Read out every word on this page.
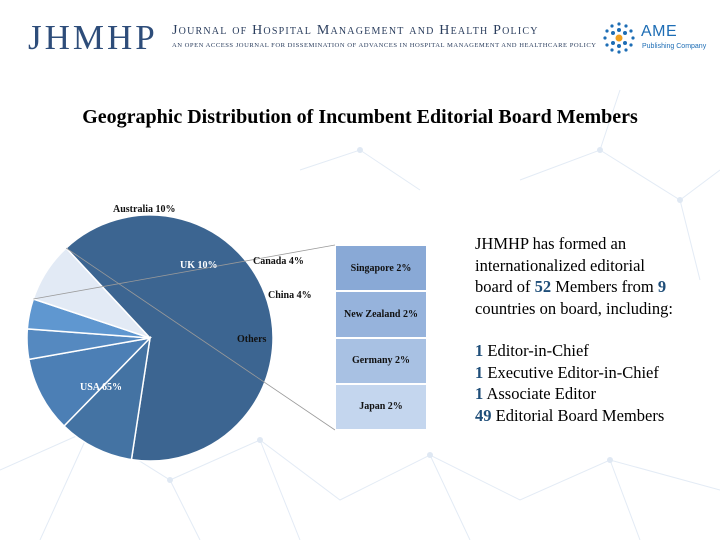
JHMHP Journal of Hospital Management and Health Policy
AN OPEN ACCESS JOURNAL FOR DISSEMINATION OF ADVANCES IN HOSPITAL MANAGEMENT AND HEALTHCARE POLICY
AME
Publishing Company
Geographic Distribution of Incumbent Editorial Board Members
USA 65%
Australia 10%
UK 10%	Canada 4%
China 4%
Others
Singapore 2%
New Zealand 2%
Germany 2%
Japan 2%

JHMHP has formed an

internationalized editorial

board of 52 Members from 9

countries on board, including:

1 Editor-in-Chief

1 Executive Editor-in-Chief

1 Associate Editor

49 Editorial Board Members
